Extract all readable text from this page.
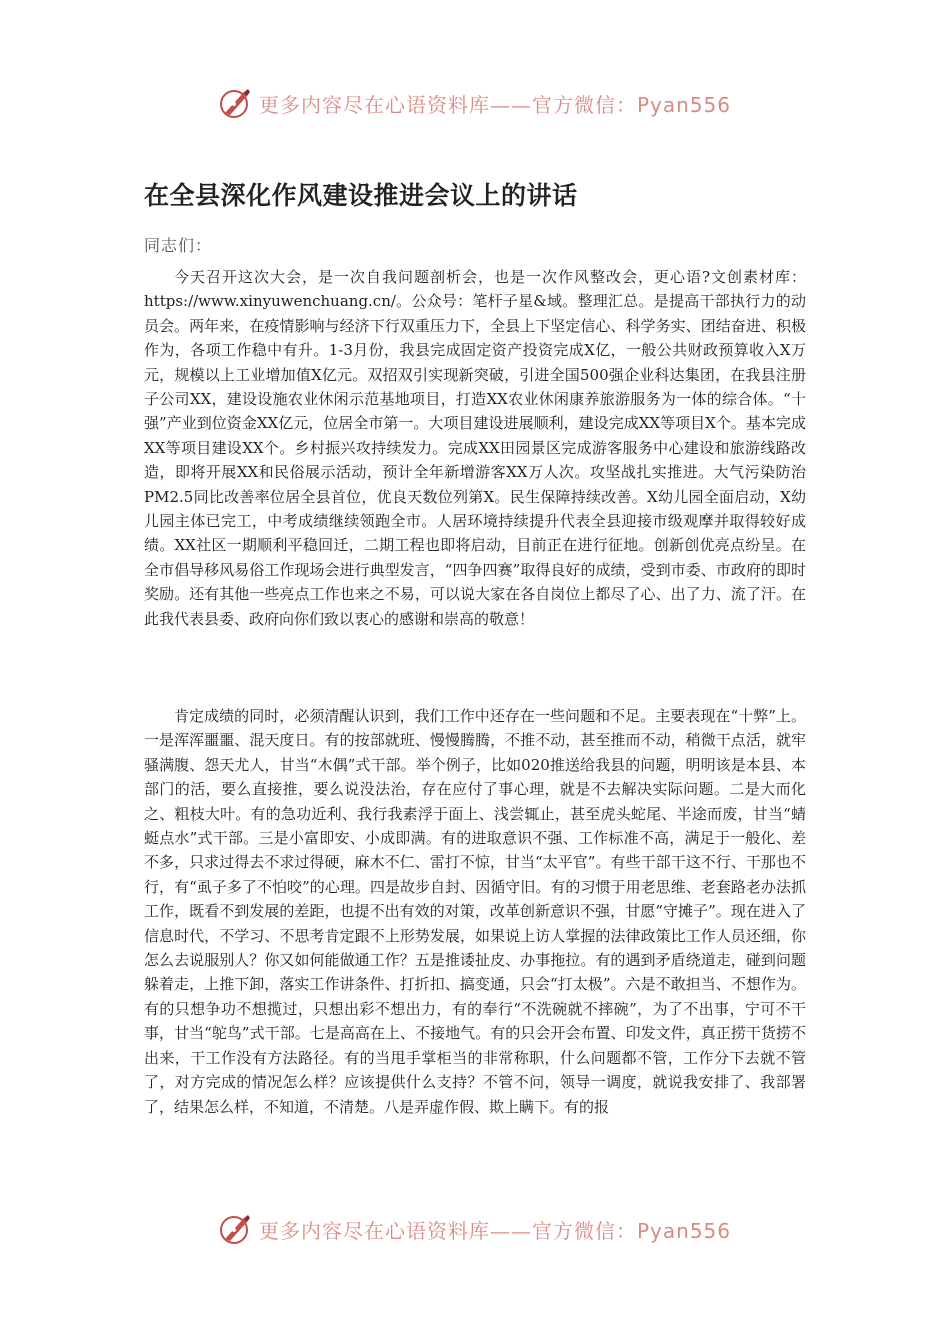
更多内容尽在心语资料库——官方微信：Pyan556
在全县深化作风建设推进会议上的讲话
同志们：

今天召开这次大会，是一次自我问题剖析会，也是一次作风整改会，更心语?文创素材库：https://www.xinyuwenchuang.cn/。公众号：笔杆子星&域。整理汇总。是提高干部执行力的动员会。两年来，在疫情影响与经济下行双重压力下，全县上下坚定信心、科学务实、团结奋进、积极作为，各项工作稳中有升。1-3月份，我县完成固定资产投资完成X亿，一般公共财政预算收入X万元，规模以上工业增加值X亿元。双招双引实现新突破，引进全国500强企业科达集团，在我县注册子公司XX，建设设施农业休闲示范基地项目，打造XX农业休闲康养旅游服务为一体的综合体。“十强”产业到位资金XX亿元，位居全市第一。大项目建设进展顺利，建设完成XX等项目X个。基本完成XX等项目建设XX个。乡村振兴攻持续发力。完成XX田园景区完成游客服务中心建设和旅游线路改造，即将开展XX和民俗展示活动，预计全年新增游客XX万人次。攻坚战扎实推进。大气污染防治PM2.5同比改善率位居全县首位，优良天数位列第X。民生保障持续改善。X幼儿园全面启动，X幼儿园主体已完工，中考成绩继续领跑全市。人居环境持续提升代表全县迎接市级观摩并取得较好成绩。XX社区一期顺利平稳回迁，二期工程也即将启动，目前正在进行征地。创新创优亮点纷呈。在全市倡导移风易俗工作现场会进行典型发言，“四争四赛”取得良好的成绩，受到市委、市政府的即时奖励。还有其他一些亮点工作也来之不易，可以说大家在各自岗位上都尽了心、出了力、流了汗。在此我代表县委、政府向你们致以衷心的感谢和崇高的敬意！

肯定成绩的同时，必须清醒认识到，我们工作中还存在一些问题和不足。主要表现在“十弊”上。一是浑浑噩噩、混天度日。有的按部就班、慢慢腾腾，不推不动，甚至推而不动，稍微干点活，就牢骚满腹、怨天尤人，甘当“木偶”式干部。举个例子，比如020推送给我县的问题，明明该是本县、本部门的活，要么直接推，要么说没法治，存在应付了事心理，就是不去解决实际问题。二是大而化之、粗枝大叶。有的急功近利、我行我素浮于面上、浅尝辄止，甚至虎头蛇尾、半途而废，甘当“蜻蜓点水”式干部。三是小富即安、小成即满。有的进取意识不强、工作标准不高，满足于一般化、差不多，只求过得去不求过得硬，麻木不仁、雷打不惊，甘当“太平官”。有些干部干这不行、干那也不行，有“虱子多了不怕咬”的心理。四是故步自封、因循守旧。有的习惯于用老思维、老套路老办法抓工作，既看不到发展的差距，也提不出有效的对策，改革创新意识不强，甘愿“守摊子”。现在进入了信息时代，不学习、不思考肯定跟不上形势发展，如果说上访人掌握的法律政策比工作人员还细，你怎么去说服别人？你又如何能做通工作？五是推诿扯皮、办事拖拉。有的遇到矛盾绕道走，碰到问题躲着走，上推下卸，落实工作讲条件、打折扣、搞变通，只会“打太极”。六是不敢担当、不想作为。有的只想争功不想揽过，只想出彩不想出力，有的奉行“不洗碗就不摔碗”，为了不出事，宁可不干事，甘当“鸵鸟”式干部。七是高高在上、不接地气。有的只会开会布置、印发文件，真正捞干货捞不出来，干工作没有方法路径。有的当甩手掌柜当的非常称职，什么问题都不管，工作分下去就不管了，对方完成的情况怎么样？应该提供什么支持？不管不问，领导一调度，就说我安排了、我部署了，结果怎么样，不知道，不清楚。八是弄虚作假、欺上瞒下。有的报

更多内容尽在心语资料库——官方微信：Pyan556
